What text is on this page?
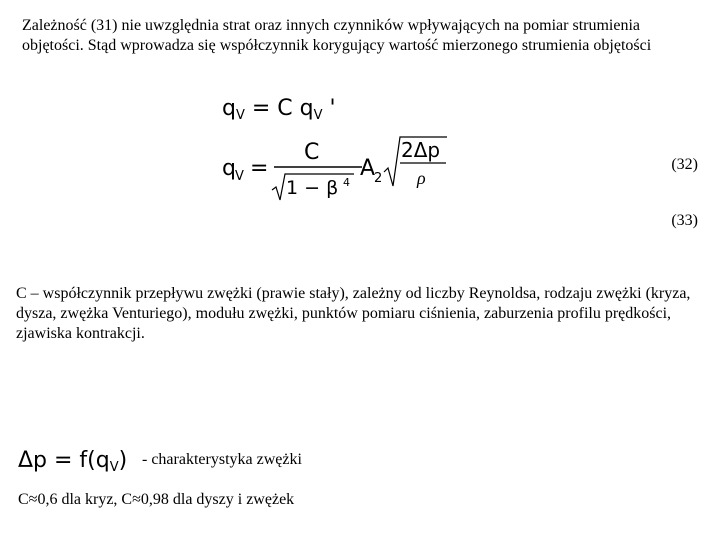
Zależność (31) nie uwzględnia strat oraz innych czynników wpływających na pomiar strumienia objętości. Stąd wprowadza się współczynnik korygujący wartość mierzonego strumienia objętości
$q_V = C$ $q_V$ '
q V =
C
1 − β 4
A
2
2Δp
ρ
(32)
(33)
C – współczynnik przepływu zwężki (prawie stały), zależny od liczby Reynoldsa, rodzaju zwężki (kryza, dysza, zwężka Venturiego), modułu zwężki, punktów pomiaru ciśnienia, zaburzenia profilu prędkości, zjawiska kontrakcji.
$\Delta p = f(q_V)$ - charakterystyka zwężki
C≈0,6 dla kryz, C≈0,98 dla dyszy i zwężek
